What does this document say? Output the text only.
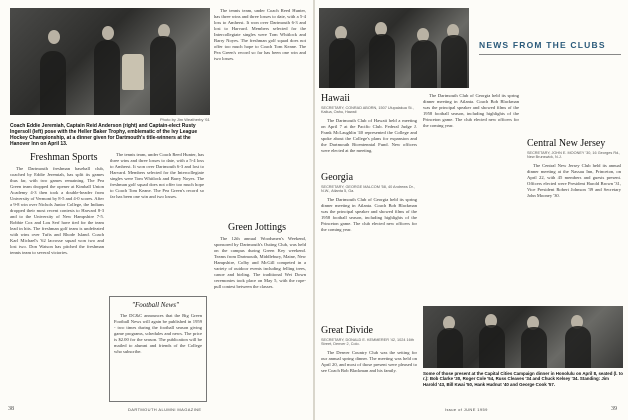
Photo by Jim Weatherby '61
Coach Eddie Jeremiah, Captain Reid Anderson (right) and Captain-elect Rusty Ingersoll (left) pose with the Heller Baker Trophy, emblematic of the Ivy League Hockey Championship, at a dinner given for Dartmouth's title-winners at the Hanover Inn on April 13.
Freshman Sports

The Dartmouth freshman baseball club, coached by Eddie Jeremiah, has split its games thus far, with two games remaining. The Pea Green team dropped the opener at Kimball Union Academy 4-3 then took a double-header from University of Vermont by 8-5 and 4-0 scores. After a 9-8 win over Nichols Junior College, the Indians dropped their most recent contests to Harvard 8-3 and to the University of New Hampshire 7-5. Robbie Cox and Lou Serf have tied for the team lead in hits. The freshman golf team is undefeated with wins over Tufts and Rhode Island. Coach Karl Michael's '62 lacrosse squad won two and lost two. Don Watson has pitched the freshman tennis team to several victories.

The tennis team, under Coach Reed Hunter, has three wins and three losses to date, with a 5-4 loss to Amherst. It won over Dartmouth 6-3 and lost to Harvard. Members selected for the Intercollegiate singles were Tom Whitlock and Barry Noyes. The freshman golf squad does not offer too much hope to Coach Tom Keane. The Pea Green's record so far has been one win and two losses.

"Football News"

The DC&C announces that the Big Green Football News will again be published in 1959 - two times during the football season giving game programs, schedules and news. The price is $2.00 for the season. The publication will be mailed to alumni and friends of the College who subscribe.

The tennis team, under Coach Reed Hunter, has three wins and three losses to date, with a 5-4 loss to Amherst. It won over Dartmouth 6-3 and lost to Harvard. Members selected for the Intercollegiate singles were Tom Whitlock and Barry Noyes. The freshman golf squad does not offer too much hope to Coach Tom Keane. The Pea Green's record so far has been one win and two losses.

Green Jottings

The 12th annual Woodsmen's Weekend, sponsored by Dartmouth's Outing Club, was held on the campus during Green Key weekend. Teams from Dartmouth, Middlebury, Maine, New Hampshire, Colby and McGill competed in a variety of outdoor events including felling trees, canoe and birling. The traditional Wet Down ceremonies took place on May 5, with the rope-pull contest between the classes.

38	DARTMOUTH ALUMNI MAGAZINE
NEWS FROM THE CLUBS
Hawaii
SECRETARY, CONRAD ABORN, 1507 Ulupalakua St., Kailua, Oahu, Hawaii

The Dartmouth Club of Hawaii held a meeting on April 7 at the Pacific Club. Federal Judge J. Frank McLaughlin '40 represented the College and spoke about the College's plans for expansion and the Dartmouth Bicentennial Fund. New officers were elected at the meeting.

Georgia
SECRETARY, GEORGE MALCOM '58, 40 Andrews Dr., N.W., Atlanta 5, Ga.

The Dartmouth Club of Georgia held its spring dinner meeting in Atlanta. Coach Bob Blackman was the principal speaker and showed films of the 1958 football season, including highlights of the Princeton game. The club elected new officers for the coming year.

Great Divide
SECRETARY, DONALD E. KEMMERER '42, 1024 16th Street, Denver 2, Colo.

The Denver Country Club was the setting for our annual spring dinner. The meeting was held on April 20, and most of those present were pleased to see Coach Bob Blackman and his family.

The Dartmouth Club of Georgia held its spring dinner meeting in Atlanta. Coach Bob Blackman was the principal speaker and showed films of the 1958 football season, including highlights of the Princeton game. The club elected new officers for the coming year.

Central New Jersey
SECRETARY, JOHN E. MOONEY '30, 16 Georges Rd., New Brunswick, N.J.

The Central New Jersey Club held its annual dinner meeting at the Nassau Inn, Princeton, on April 22, with 45 members and guests present. Officers elected were President Harold Brown '31, Vice President Robert Johnson '39 and Secretary John Mooney '30.

Some of those present at the Capital Cities Campaign dinner in Honolulu on April 8, seated (l. to r.): Bob Clarke '30, Roger Cole '54, Russ Cleaves '34 and Chuck Kelsey '34. Standing: Jim Harold '43, Bill Kwai '50, Hank Hudnut '40 and George Cook '57.
Issue of JUNE 1959	39
